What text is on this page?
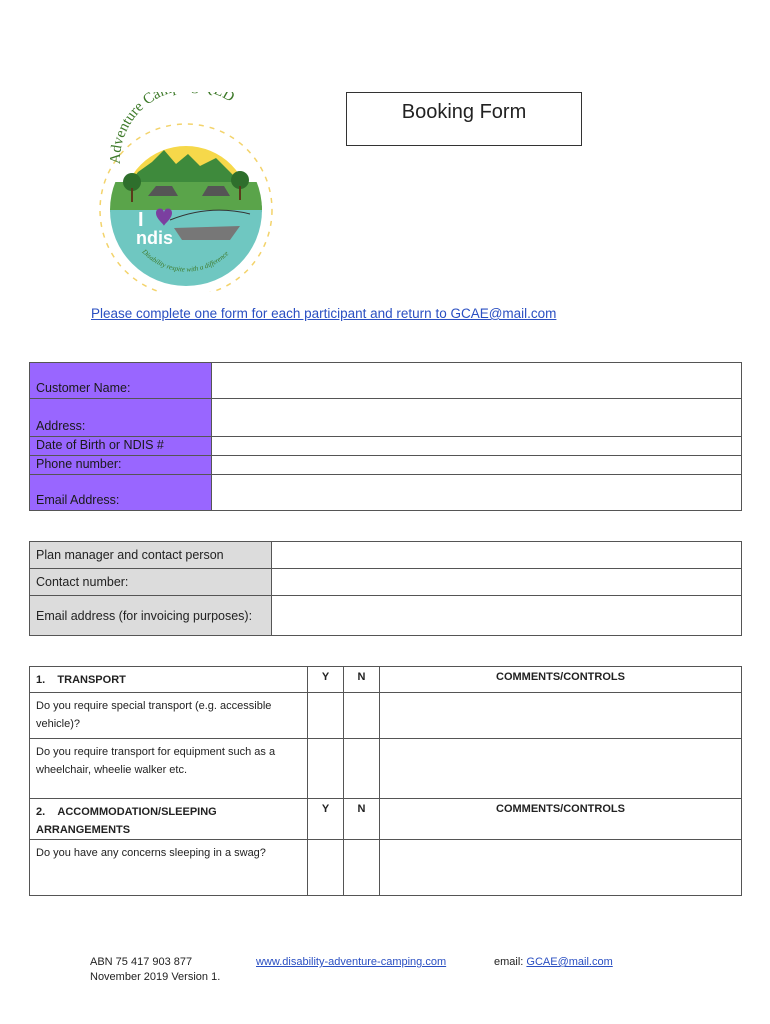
I
ndis
Adventure Ca D
Disability respite with a difference
Booking Form
Please complete one form for each participant and return to GCAE@mail.com
Customer Name:	
Address:	
Date of Birth or NDIS #	
Phone number:	
Email Address:	
Plan manager and contact person	
Contact number:	
Email address (for invoicing purposes):	
1. TRANSPORT	Y	N	COMMENTS/CONTROLS
Do you require special transport (e.g. accessible vehicle)?			
Do you require transport for equipment such as a wheelchair, wheelie walker etc.			
2. ACCOMMODATION/SLEEPING ARRANGEMENTS	Y	N	COMMENTS/CONTROLS
Do you have any concerns sleeping in a swag?			
ABN 75 417 903 877
November 2019 Version 1.
www.disability-adventure-camping.com	email: GCAE@mail.com
